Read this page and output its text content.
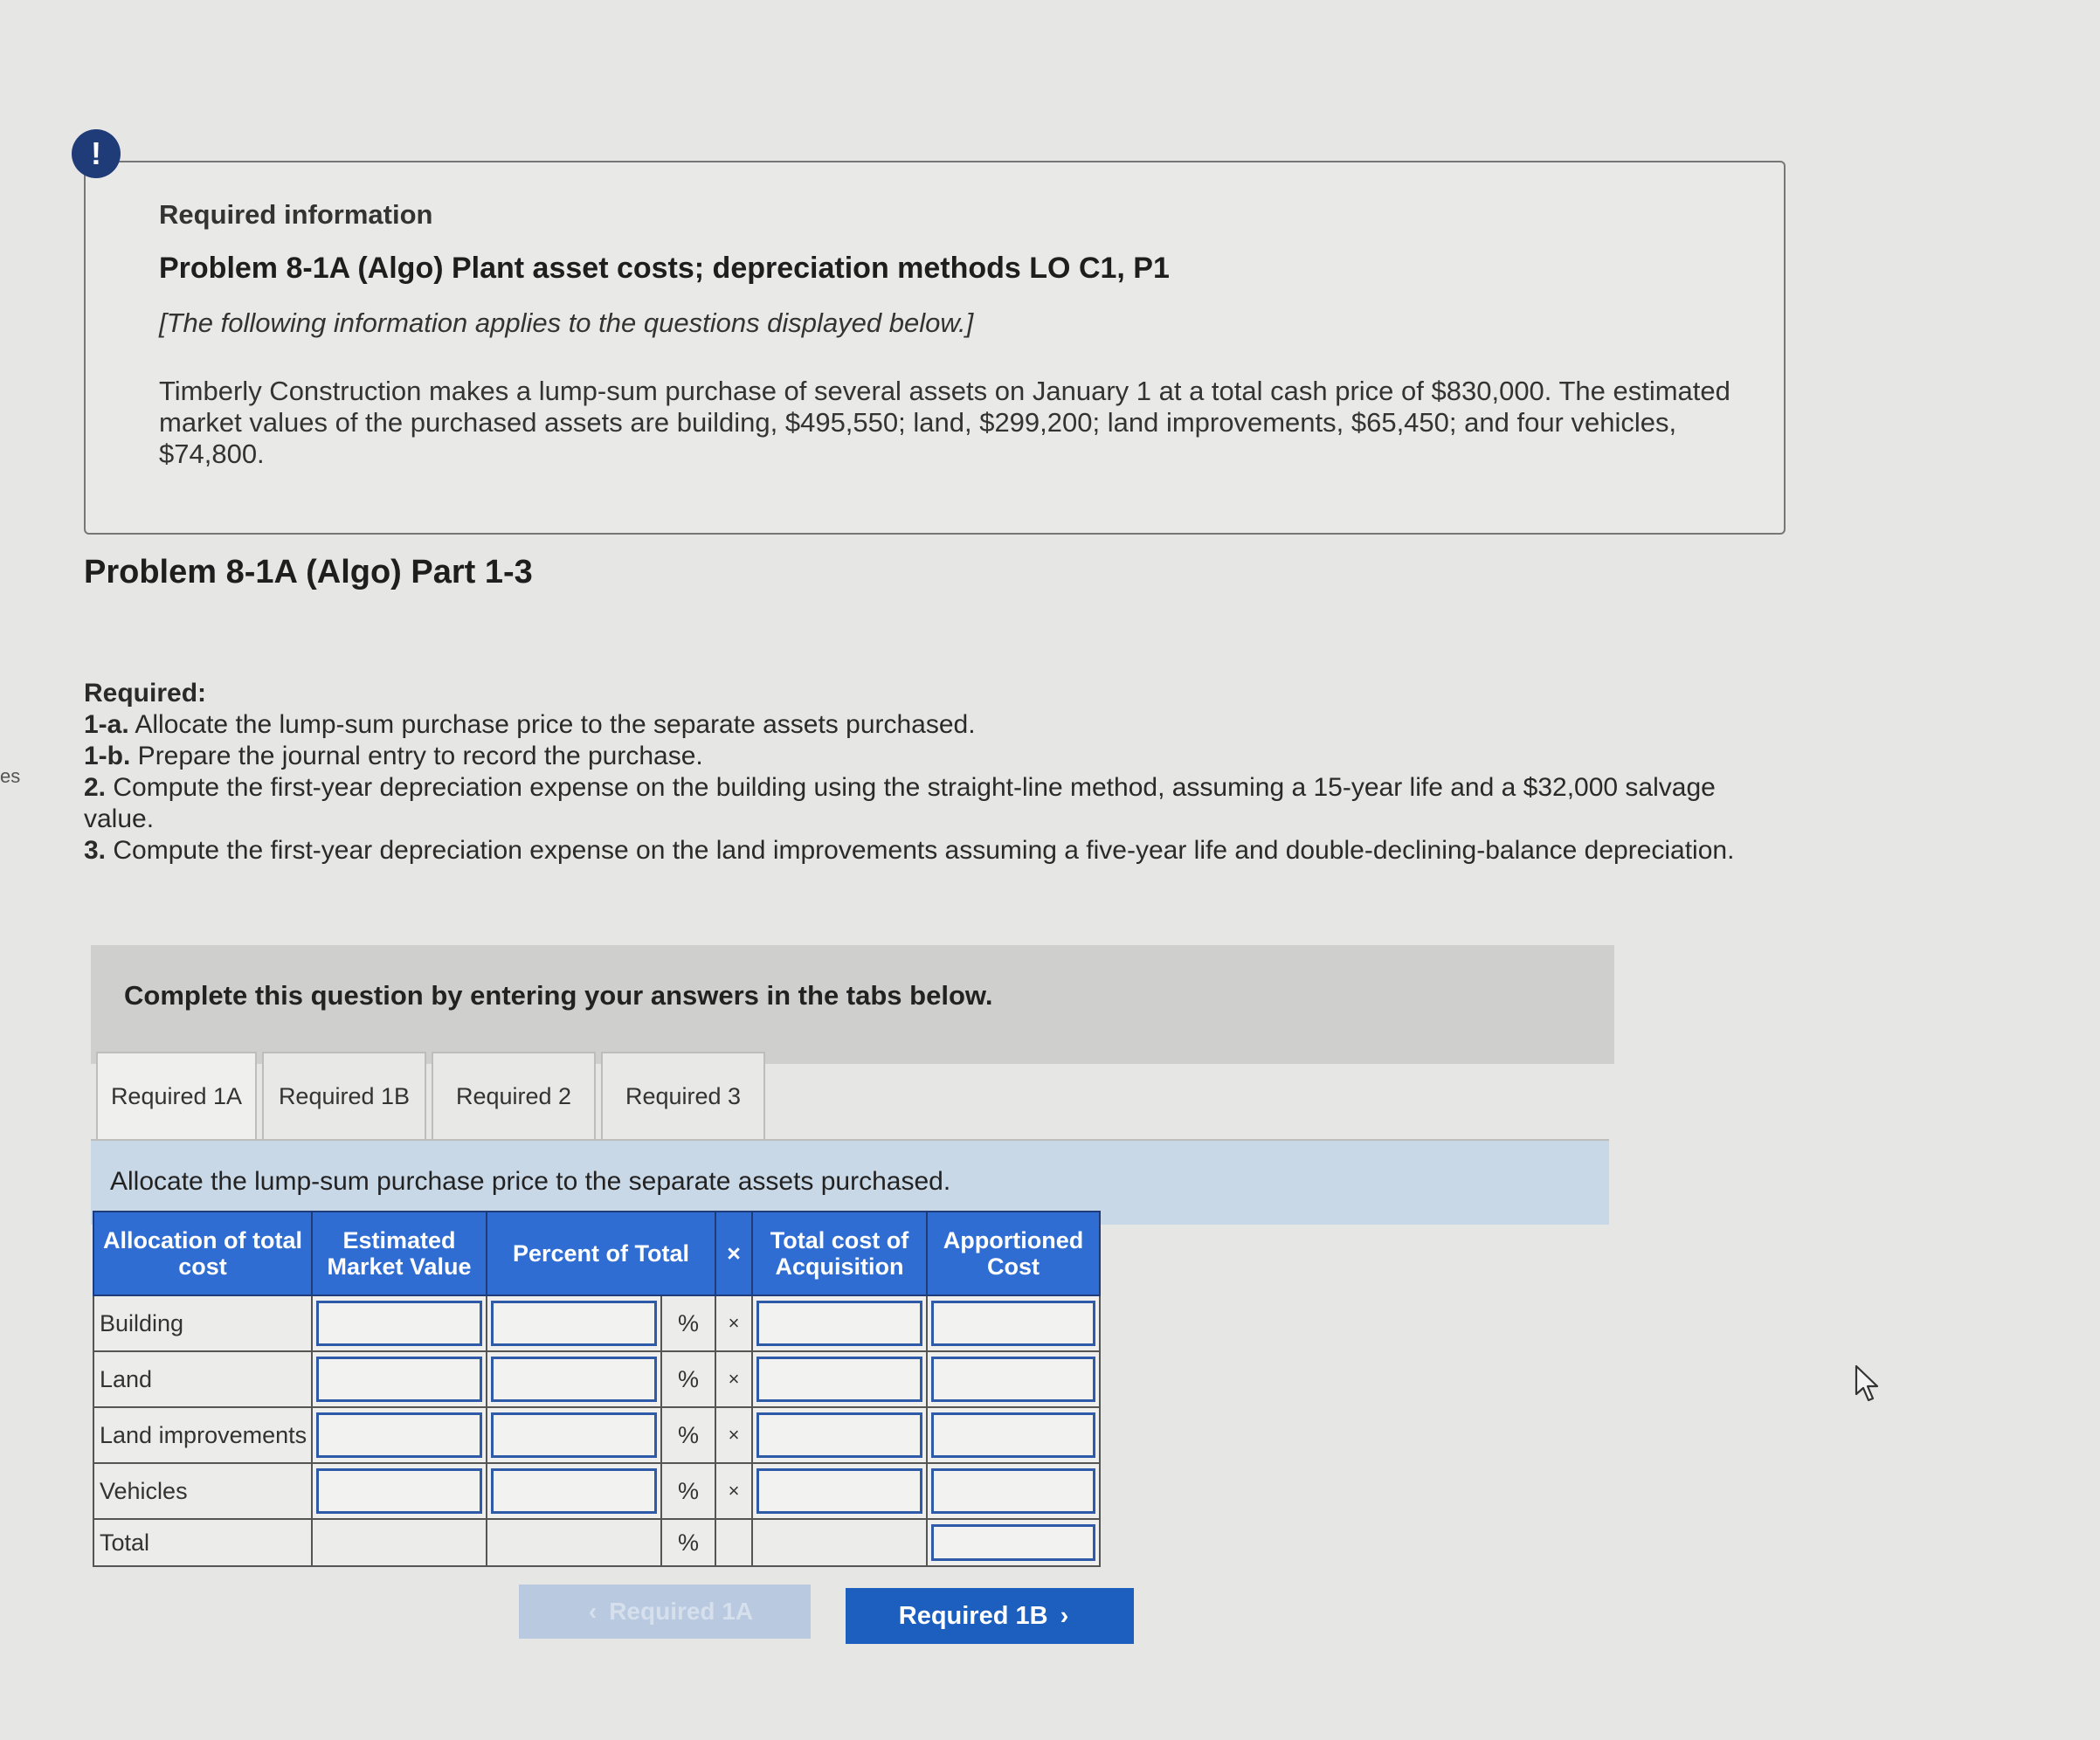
es
!
Required information
Problem 8-1A (Algo) Plant asset costs; depreciation methods LO C1, P1
[The following information applies to the questions displayed below.]
Timberly Construction makes a lump-sum purchase of several assets on January 1 at a total cash price of $830,000. The estimated market values of the purchased assets are building, $495,550; land, $299,200; land improvements, $65,450; and four vehicles, $74,800.
Problem 8-1A (Algo) Part 1-3
Required:
1-a. Allocate the lump-sum purchase price to the separate assets purchased.
1-b. Prepare the journal entry to record the purchase.
2. Compute the first-year depreciation expense on the building using the straight-line method, assuming a 15-year life and a $32,000 salvage value.
3. Compute the first-year depreciation expense on the land improvements assuming a five-year life and double-declining-balance depreciation.
Complete this question by entering your answers in the tabs below.
Required 1A	Required 1B	Required 2	Required 3
Allocate the lump-sum purchase price to the separate assets purchased.
Allocation of total cost	Estimated Market Value	Percent of Total		×	Total cost of Acquisition	Apportioned Cost
Building			%	×	

Land			%	×	

Land improvements			%	×	

Vehicles			%	×	

Total			%			
‹ Required 1A	Required 1B ›
